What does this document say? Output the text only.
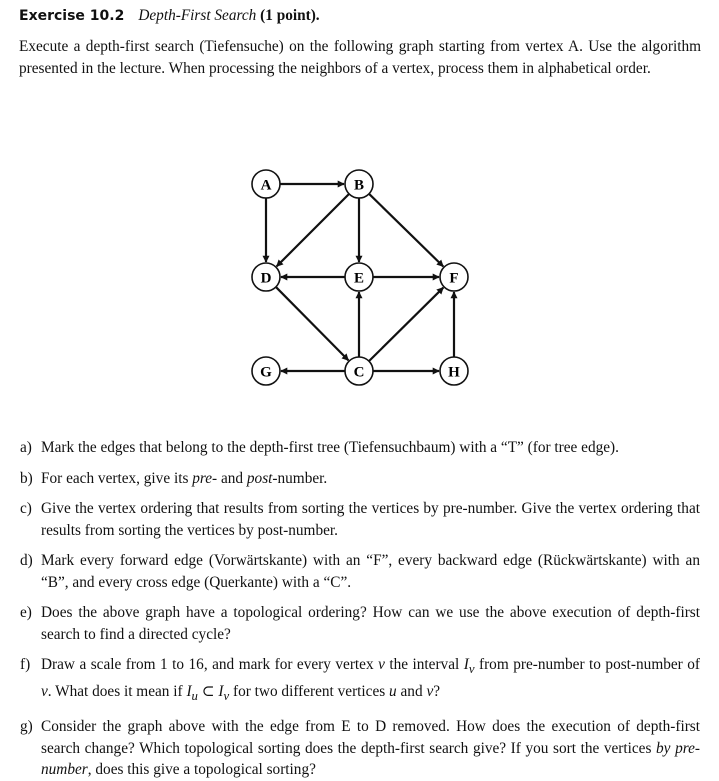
Exercise 10.2 Depth-First Search (1 point).
Execute a depth-first search (Tiefensuche) on the following graph starting from vertex A. Use the algorithm presented in the lecture. When processing the neighbors of a vertex, process them in alphabetical order.
A	B
D	E	F
G	C	H
a) Mark the edges that belong to the depth-first tree (Tiefensuchbaum) with a “T” (for tree edge).
b) For each vertex, give its pre- and post-number.
c) Give the vertex ordering that results from sorting the vertices by pre-number. Give the vertex ordering that results from sorting the vertices by post-number.
d) Mark every forward edge (Vorwärtskante) with an “F”, every backward edge (Rückwärtskante) with an “B”, and every cross edge (Querkante) with a “C”.
e) Does the above graph have a topological ordering? How can we use the above execution of depth-first search to find a directed cycle?
f) Draw a scale from 1 to 16, and mark for every vertex v the interval $I_v$ from pre-number to post-number of v. What does it mean if $I_u$ ⊂ $I_v$ for two different vertices u and v?
g) Consider the graph above with the edge from E to D removed. How does the execution of depth-first search change? Which topological sorting does the depth-first search give? If you sort the vertices by pre-number, does this give a topological sorting?
